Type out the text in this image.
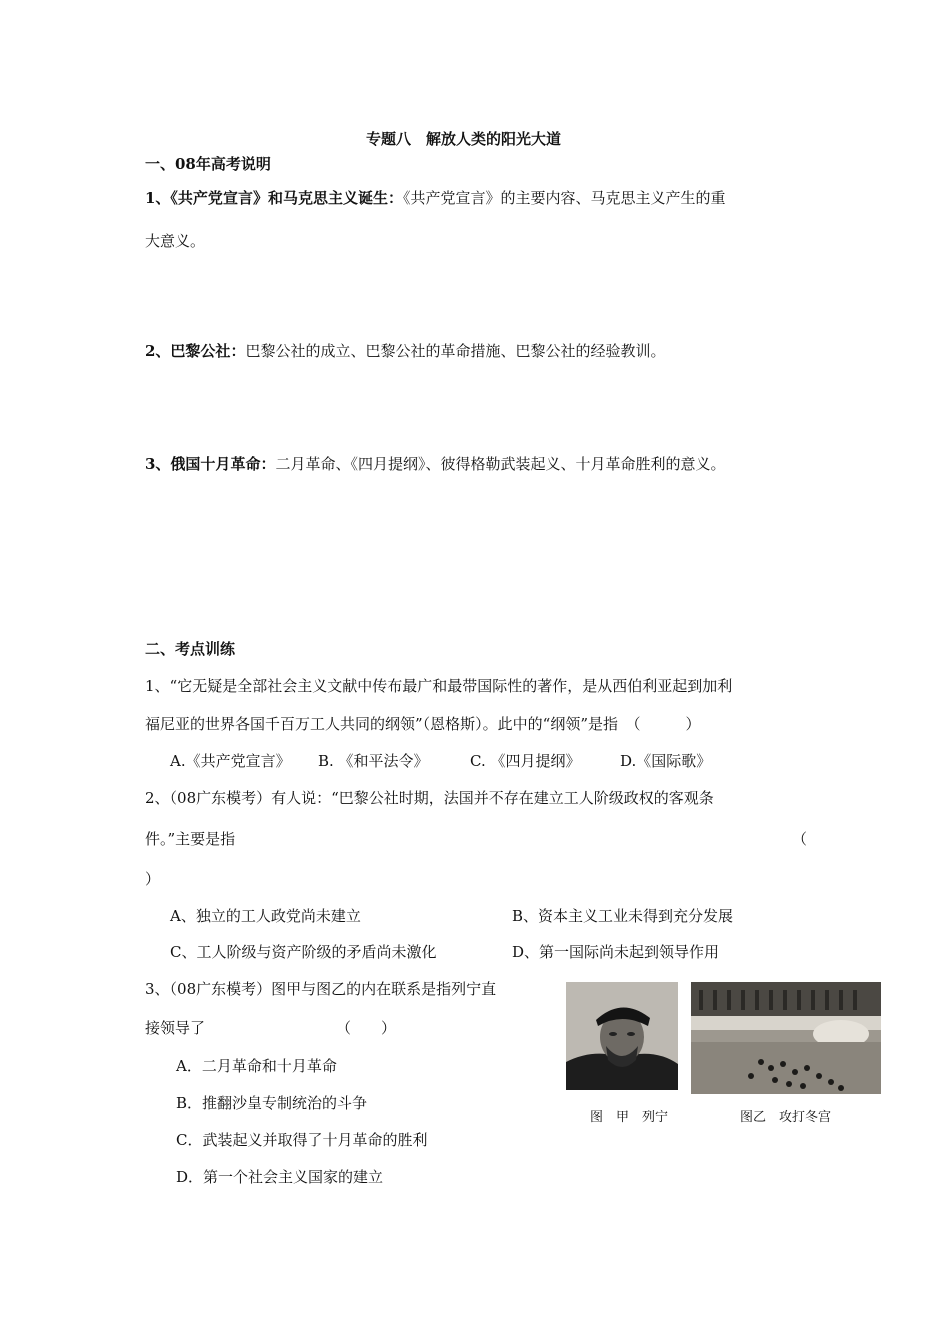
专题八　解放人类的阳光大道
一、08年高考说明
1、《共产党宣言》和马克思主义诞生：《共产党宣言》的主要内容、马克思主义产生的重
大意义。
2、巴黎公社：巴黎公社的成立、巴黎公社的革命措施、巴黎公社的经验教训。
3、俄国十月革命：二月革命、《四月提纲》、彼得格勒武装起义、十月革命胜利的意义。
二、考点训练
1、“它无疑是全部社会主义文献中传布最广和最带国际性的著作，是从西伯利亚起到加利
福尼亚的世界各国千百万工人共同的纲领”（恩格斯）。此中的“纲领”是指　（　　　）
A.《共产党宣言》 B. 《和平法令》	C. 《四月提纲》	D.《国际歌》
2、（08广东模考）有人说：“巴黎公社时期，法国并不存在建立工人阶级政权的客观条
件。”主要是指	（
）
A、独立的工人政党尚未建立	B、资本主义工业未得到充分发展
C、工人阶级与资产阶级的矛盾尚未激化	D、第一国际尚未起到领导作用
3、（08广东模考）图甲与图乙的内在联系是指列宁直
接领导了	（　　）
A．二月革命和十月革命
B．推翻沙皇专制统治的斗争
C．武装起义并取得了十月革命的胜利
D．第一个社会主义国家的建立
图　甲　列宁	图乙　攻打冬宫
